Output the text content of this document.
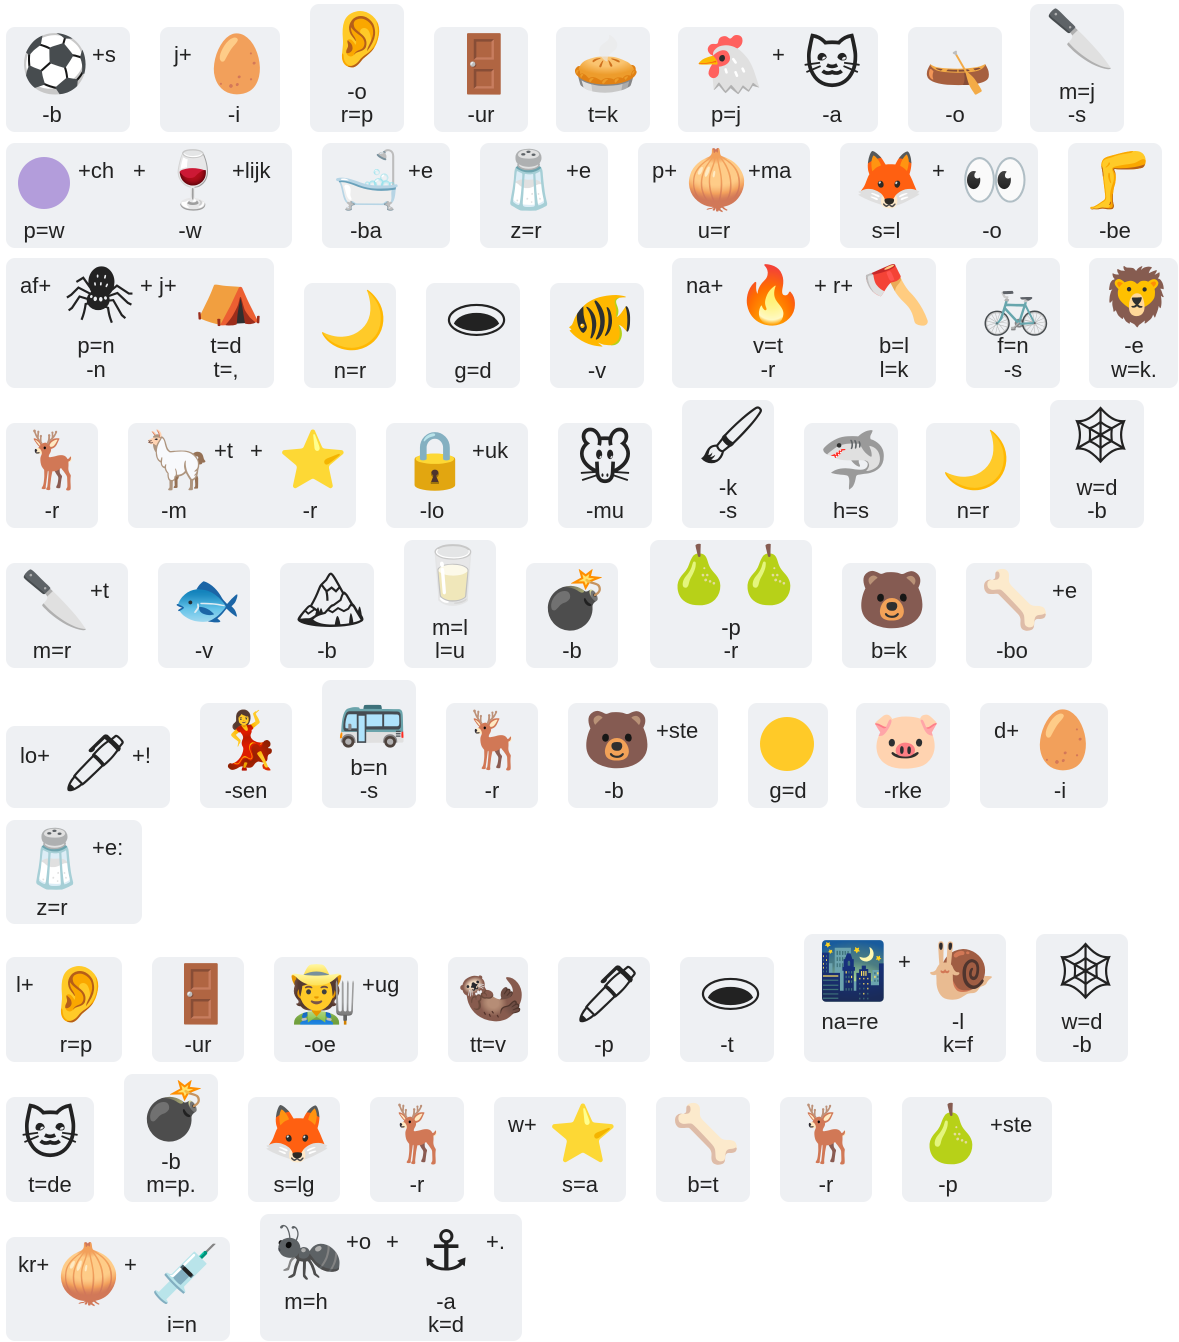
⚽ +s
-b
j+ 🥚
-i
👂
-o
r=p
🚪
-ur
🥧
t=k
🐔 + 🐱
p=j	-a
🛶
-o
🔪
m=j
-s
+ch + 🍷 +lijk
p=w	-w
🛁 +e
-ba
🧂 +e
z=r
p+ 🧅
+ma
u=r
🦊 + 👀
s=l	-o
🦵
-be
af+ 🕷 + j+ ⛺
p=n
-n
t=d
t=,
🌙
n=r
🕳
g=d
🐠
-v
na+ 🔥 + r+ 🪓
v=t
-r
b=l
l=k
🚲
f=n
-s
🦁
-e
w=k.
🦌
-r
🦙 +t + ⭐
-m	-r
🔒 +uk
-lo
🐭
-mu
🖌
-k
-s
🦈
h=s
🌙
n=r
🕸
w=d
-b
🔪 +t
m=r
🐟
-v
🏔
-b
🥛
m=l
l=u
💣
-b
🍐 🍐
-p
-r
🐻
b=k
🦴 +e
-bo
lo+ 🖊 +! 💃
-sen
🚌
b=n
-s
🦌
-r
🐻 +ste
-b	g=d
🐷
-rke
d+ 🥚
-i
🧂 +e:
z=r
l+ 👂
r=p
🚪
-ur
🧑‍🌾 +ug
-oe
🦦
tt=v
🖊
-p
🕳
-t
🌃 + 🐌
na=re	-l
k=f
🕸
w=d
-b
🐱
t=de
💣
-b
m=p.
🦊
s=lg
🦌
-r
w+ ⭐
s=a
🦴
b=t
🦌
-r
🍐 +ste
-p
kr+ 🧅 + 💉
i=n
🐜 +o + ⚓ +.
m=h	-a
k=d
